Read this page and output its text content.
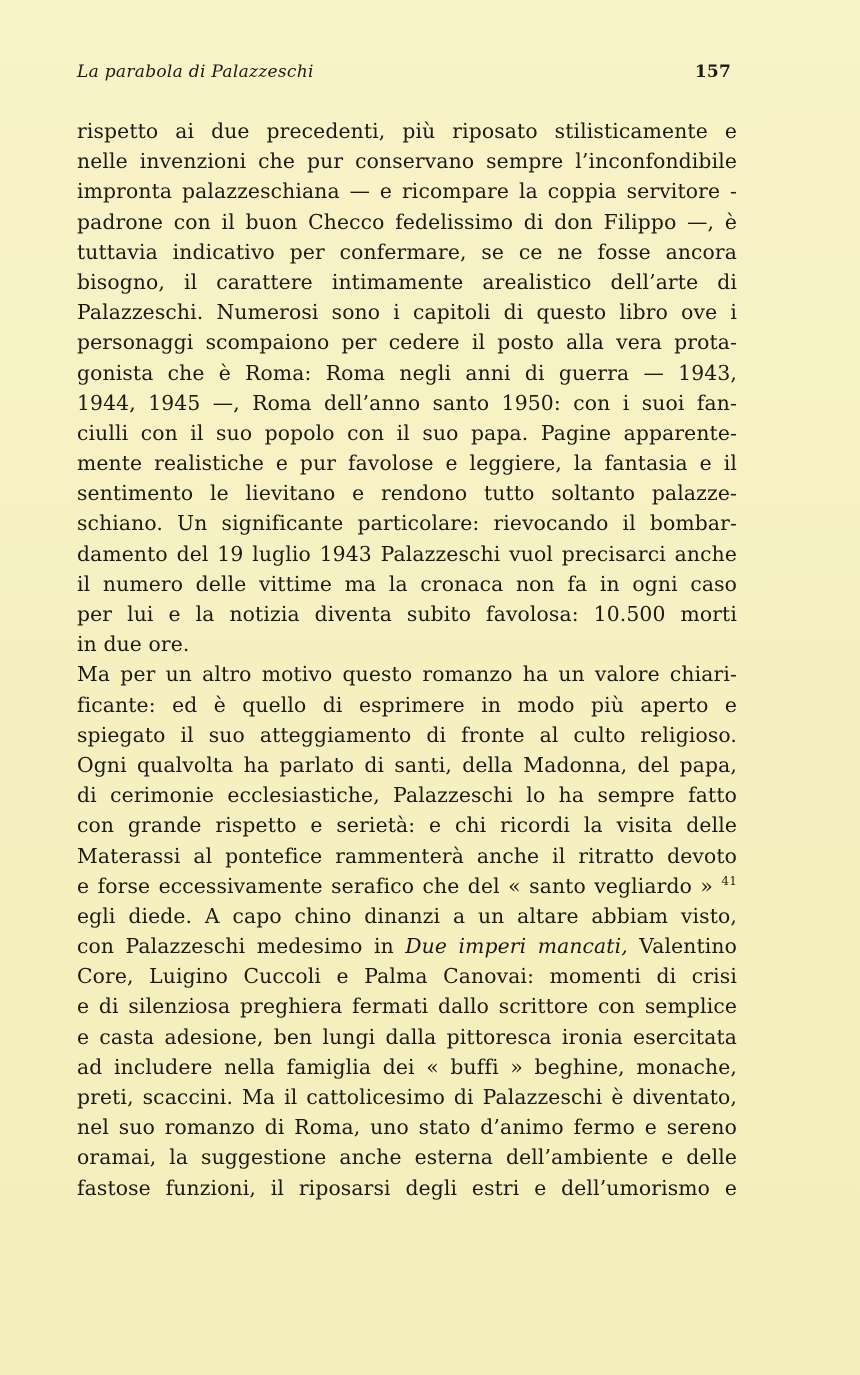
La parabola di Palazzeschi	157
rispetto ai due precedenti, più riposato stilisticamente e
nelle invenzioni che pur conservano sempre l’inconfondibile
impronta palazzeschiana — e ricompare la coppia servitore -
padrone con il buon Checco fedelissimo di don Filippo —, è
tuttavia indicativo per confermare, se ce ne fosse ancora
bisogno, il carattere intimamente arealistico dell’arte di
Palazzeschi. Numerosi sono i capitoli di questo libro ove i
personaggi scompaiono per cedere il posto alla vera prota-
gonista che è Roma: Roma negli anni di guerra — 1943,
1944, 1945 —, Roma dell’anno santo 1950: con i suoi fan-
ciulli con il suo popolo con il suo papa. Pagine apparente-
mente realistiche e pur favolose e leggiere, la fantasia e il
sentimento le lievitano e rendono tutto soltanto palazze-
schiano. Un significante particolare: rievocando il bombar-
damento del 19 luglio 1943 Palazzeschi vuol precisarci anche
il numero delle vittime ma la cronaca non fa in ogni caso
per lui e la notizia diventa subito favolosa: 10.500 morti
in due ore.
Ma per un altro motivo questo romanzo ha un valore chiari-
ficante: ed è quello di esprimere in modo più aperto e
spiegato il suo atteggiamento di fronte al culto religioso.
Ogni qualvolta ha parlato di santi, della Madonna, del papa,
di cerimonie ecclesiastiche, Palazzeschi lo ha sempre fatto
con grande rispetto e serietà: e chi ricordi la visita delle
Materassi al pontefice rammenterà anche il ritratto devoto
e forse eccessivamente serafico che del « santo vegliardo » $^{41}$
egli diede. A capo chino dinanzi a un altare abbiam visto,
con Palazzeschi medesimo in Due imperi mancati, Valentino
Core, Luigino Cuccoli e Palma Canovai: momenti di crisi
e di silenziosa preghiera fermati dallo scrittore con semplice
e casta adesione, ben lungi dalla pittoresca ironia esercitata
ad includere nella famiglia dei « buffi » beghine, monache,
preti, scaccini. Ma il cattolicesimo di Palazzeschi è diventato,
nel suo romanzo di Roma, uno stato d’animo fermo e sereno
oramai, la suggestione anche esterna dell’ambiente e delle
fastose funzioni, il riposarsi degli estri e dell’umorismo e
